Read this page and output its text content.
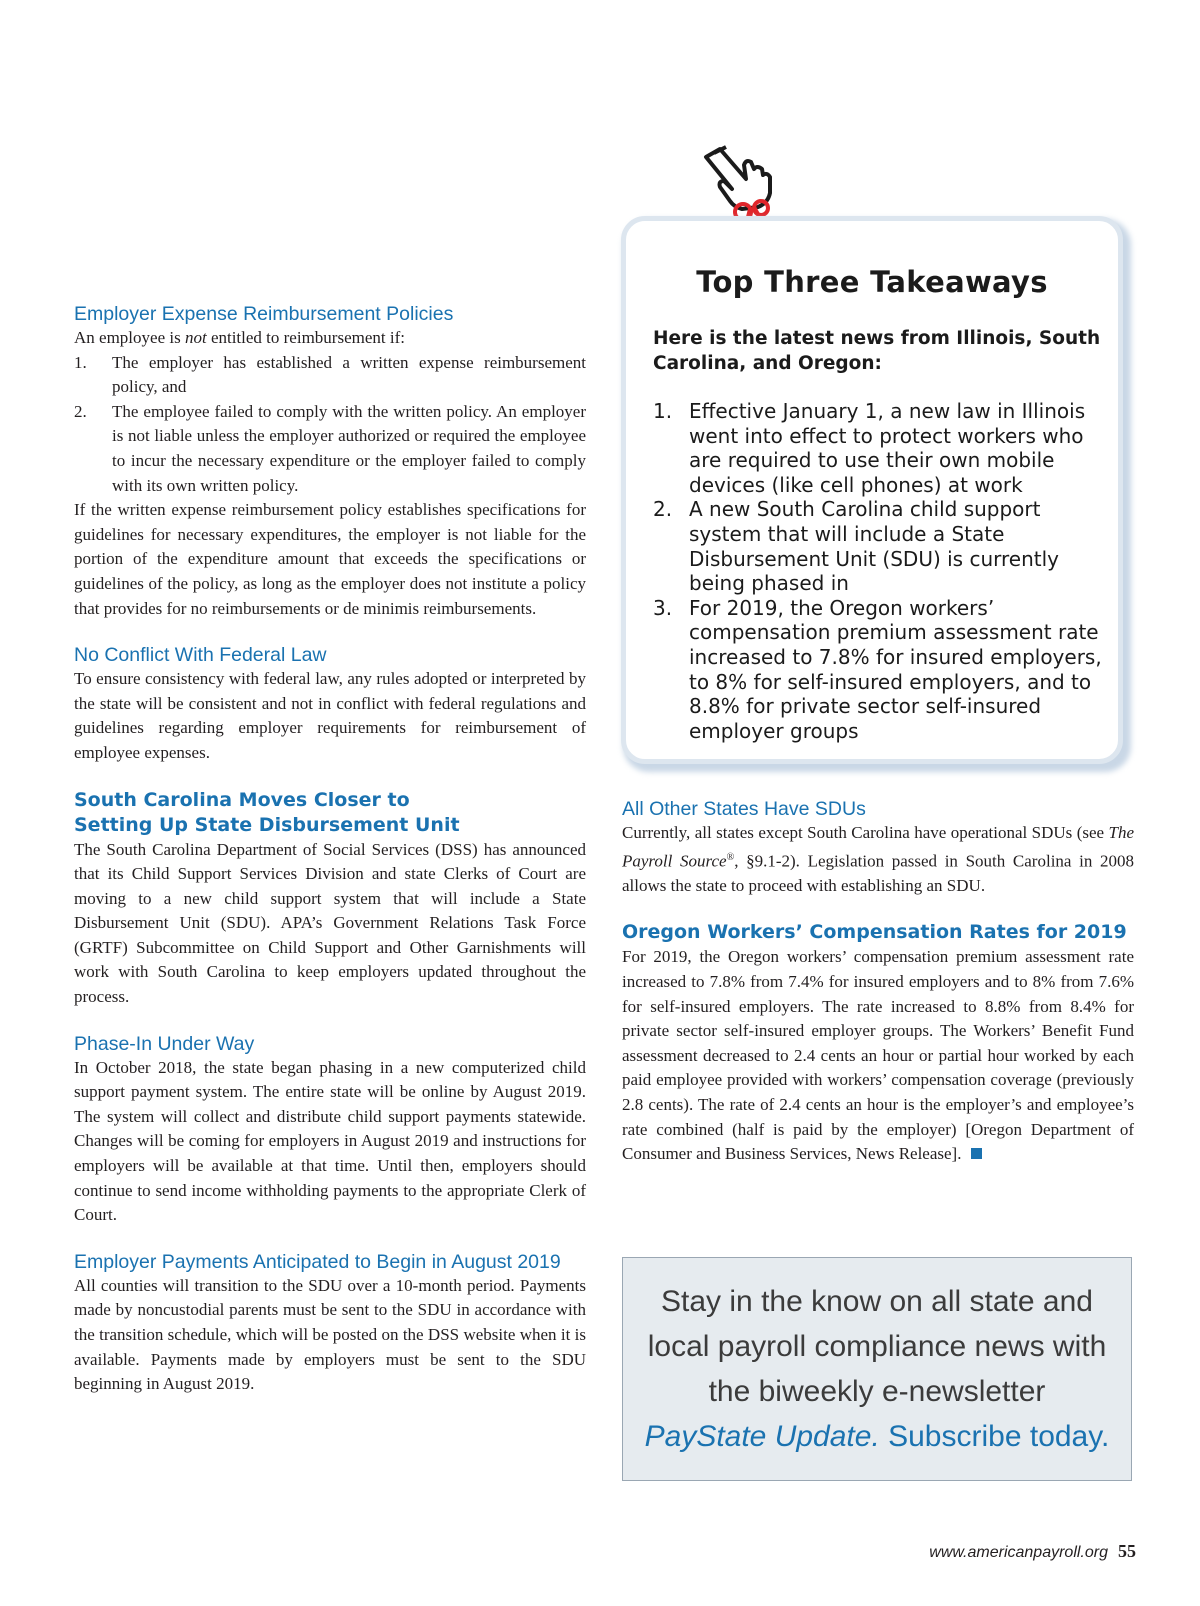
Top Three Takeaways
Here is the latest news from Illinois, South Carolina, and Oregon:
1. Effective January 1, a new law in Illinois went into effect to protect workers who are required to use their own mobile devices (like cell phones) at work
2. A new South Carolina child support system that will include a State Disbursement Unit (SDU) is currently being phased in
3. For 2019, the Oregon workers’ compensation premium assessment rate increased to 7.8% for insured employers, to 8% for self-insured employers, and to 8.8% for private sector self-insured employer groups
Employer Expense Reimbursement Policies

An employee is not entitled to reimbursement if:

1. The employer has established a written expense reimbursement policy, and
2. The employee failed to comply with the written policy. An employer is not liable unless the employer authorized or required the employee to incur the necessary expenditure or the employer failed to comply with its own written policy.

If the written expense reimbursement policy establishes specifications for guidelines for necessary expenditures, the employer is not liable for the portion of the expenditure amount that exceeds the specifications or guidelines of the policy, as long as the employer does not institute a policy that provides for no reimbursements or de minimis reimbursements.

No Conflict With Federal Law

To ensure consistency with federal law, any rules adopted or interpreted by the state will be consistent and not in conflict with federal regulations and guidelines regarding employer requirements for reimbursement of employee expenses.

South Carolina Moves Closer to
Setting Up State Disbursement Unit

The South Carolina Department of Social Services (DSS) has announced that its Child Support Services Division and state Clerks of Court are moving to a new child support system that will include a State Disbursement Unit (SDU). APA’s Government Relations Task Force (GRTF) Subcommittee on Child Support and Other Garnishments will work with South Carolina to keep employers updated throughout the process.

Phase-In Under Way

In October 2018, the state began phasing in a new computerized child support payment system. The entire state will be online by August 2019. The system will collect and distribute child support payments statewide. Changes will be coming for employers in August 2019 and instructions for employers will be available at that time. Until then, employers should continue to send income withholding payments to the appropriate Clerk of Court.

Employer Payments Anticipated to Begin in August 2019

All counties will transition to the SDU over a 10-month period. Payments made by noncustodial parents must be sent to the SDU in accordance with the transition schedule, which will be posted on the DSS website when it is available. Payments made by employers must be sent to the SDU beginning in August 2019.

All Other States Have SDUs

Currently, all states except South Carolina have operational SDUs (see The Payroll Source®, §9.1-2). Legislation passed in South Carolina in 2008 allows the state to proceed with establishing an SDU.

Oregon Workers’ Compensation Rates for 2019

For 2019, the Oregon workers’ compensation premium assessment rate increased to 7.8% from 7.4% for insured employers and to 8% from 7.6% for self-insured employers. The rate increased to 8.8% from 8.4% for private sector self-insured employer groups. The Workers’ Benefit Fund assessment decreased to 2.4 cents an hour or partial hour worked by each paid employee provided with workers’ compensation coverage (previously 2.8 cents). The rate of 2.4 cents an hour is the employer’s and employee’s rate combined (half is paid by the employer) [Oregon Department of Consumer and Business Services, News Release].

Stay in the know on all state and
local payroll compliance news with
the biweekly e-newsletter
PayState Update. Subscribe today.
www.americanpayroll.org 55
